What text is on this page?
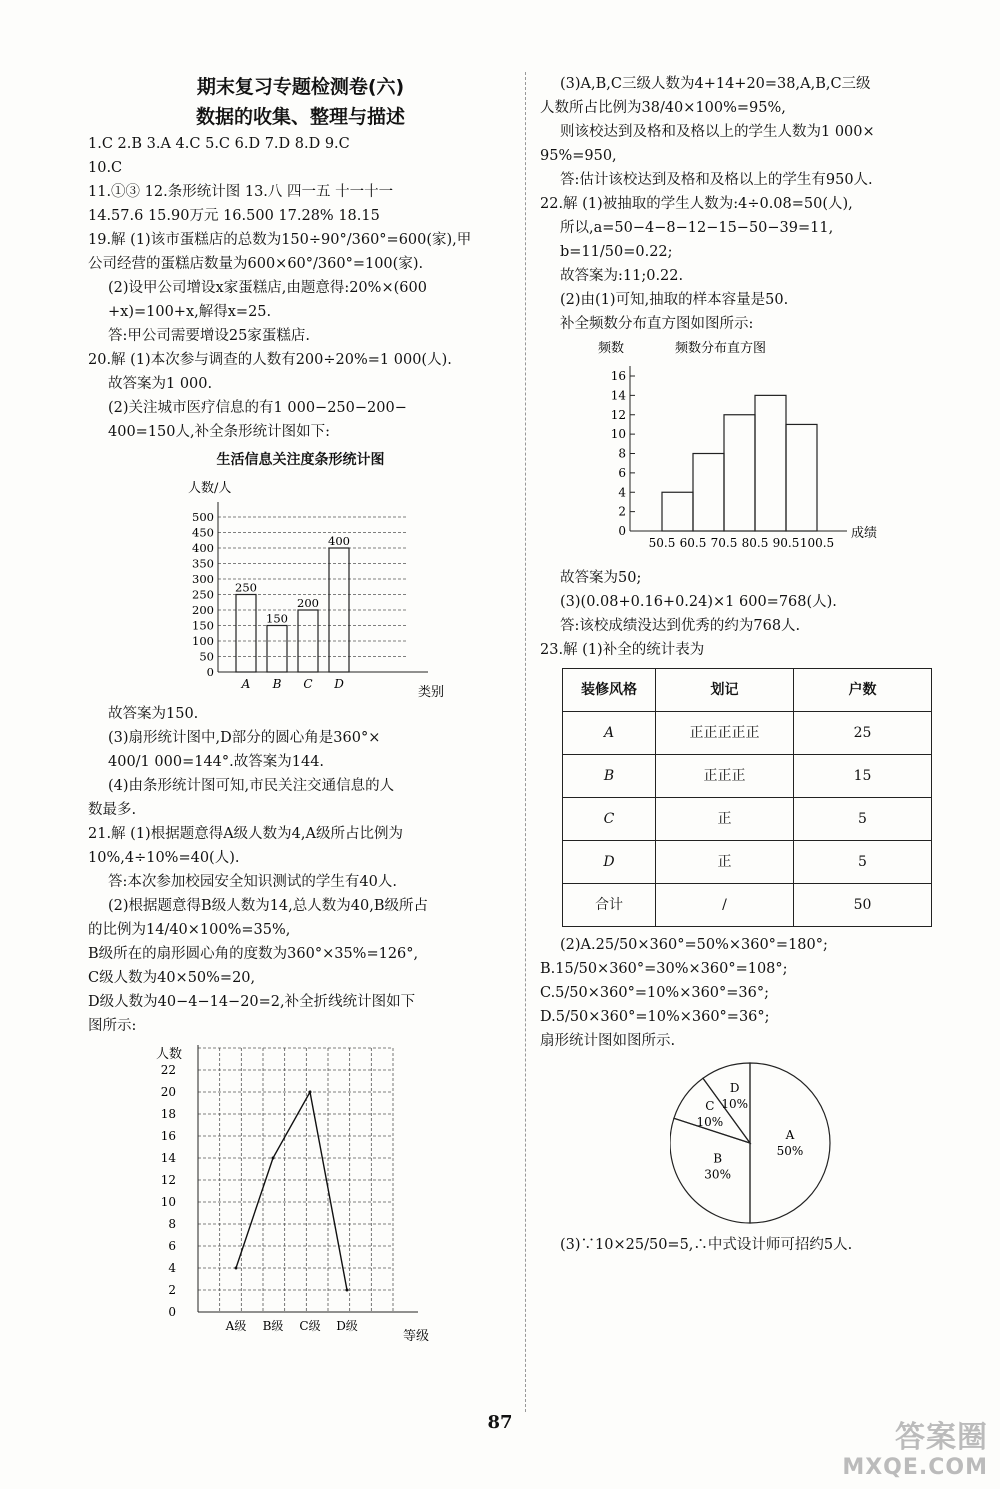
期末复习专题检测卷(六)
数据的收集、整理与描述
1.C 2.B 3.A 4.C 5.C 6.D 7.D 8.D 9.C
10.C
11.①③ 12.条形统计图 13.八 四一五 十一十一
14.57.6 15.90万元 16.500 17.28% 18.15
19.解 (1)该市蛋糕店的总数为150÷90°/360°=600(家),甲
公司经营的蛋糕店数量为600×60°/360°=100(家).
(2)设甲公司增设x家蛋糕店,由题意得:20%×(600
+x)=100+x,解得x=25.
答:甲公司需要增设25家蛋糕店.
20.解 (1)本次参与调查的人数有200÷20%=1 000(人).
故答案为1 000.
(2)关注城市医疗信息的有1 000−250−200−
400=150人,补全条形统计图如下:
生活信息关注度条形统计图
人数/人
0
50
100
150
200
250
300
350
400
450
500
250
A
150
B
200
C
400
D
类别
故答案为150.
(3)扇形统计图中,D部分的圆心角是360°×
400/1 000=144°.故答案为144.
(4)由条形统计图可知,市民关注交通信息的人
数最多.
21.解 (1)根据题意得A级人数为4,A级所占比例为
10%,4÷10%=40(人).
答:本次参加校园安全知识测试的学生有40人.
(2)根据题意得B级人数为14,总人数为40,B级所占
的比例为14/40×100%=35%,
B级所在的扇形圆心角的度数为360°×35%=126°,
C级人数为40×50%=20,
D级人数为40−4−14−20=2,补全折线统计图如下
图所示:
人数
0
2
4
6
8
10
12
14
16
18
20
22
A级 B级 C级 D级
等级
(3)A,B,C三级人数为4+14+20=38,A,B,C三级
人数所占比例为38/40×100%=95%,
则该校达到及格和及格以上的学生人数为1 000×
95%=950,
答:估计该校达到及格和及格以上的学生有950人.
22.解 (1)被抽取的学生人数为:4÷0.08=50(人),
所以,a=50−4−8−12−15−50−39=11,
b=11/50=0.22;
故答案为:11;0.22.
(2)由(1)可知,抽取的样本容量是50.
补全频数分布直方图如图所示:
频数	频数分布直方图
0
2
4
6
8
10
12
14
16
50.5 60.5 70.5 80.5 90.5 100.5
成绩
故答案为50;
(3)(0.08+0.16+0.24)×1 600=768(人).
答:该校成绩没达到优秀的约为768人.
23.解 (1)补全的统计表为
装修风格	划记	户数
A	正正正正正	25
B	正正正	15
C	正	5
D	正	5
合计	/	50
(2)A.25/50×360°=50%×360°=180°;
B.15/50×360°=30%×360°=108°;
C.5/50×360°=10%×360°=36°;
D.5/50×360°=10%×360°=36°;
扇形统计图如图所示.
A
50%
B
30%
C
10%
D
10%
(3)∵10×25/50=5,∴中式设计师可招约5人.
87	答案圈
MXQE.COM
